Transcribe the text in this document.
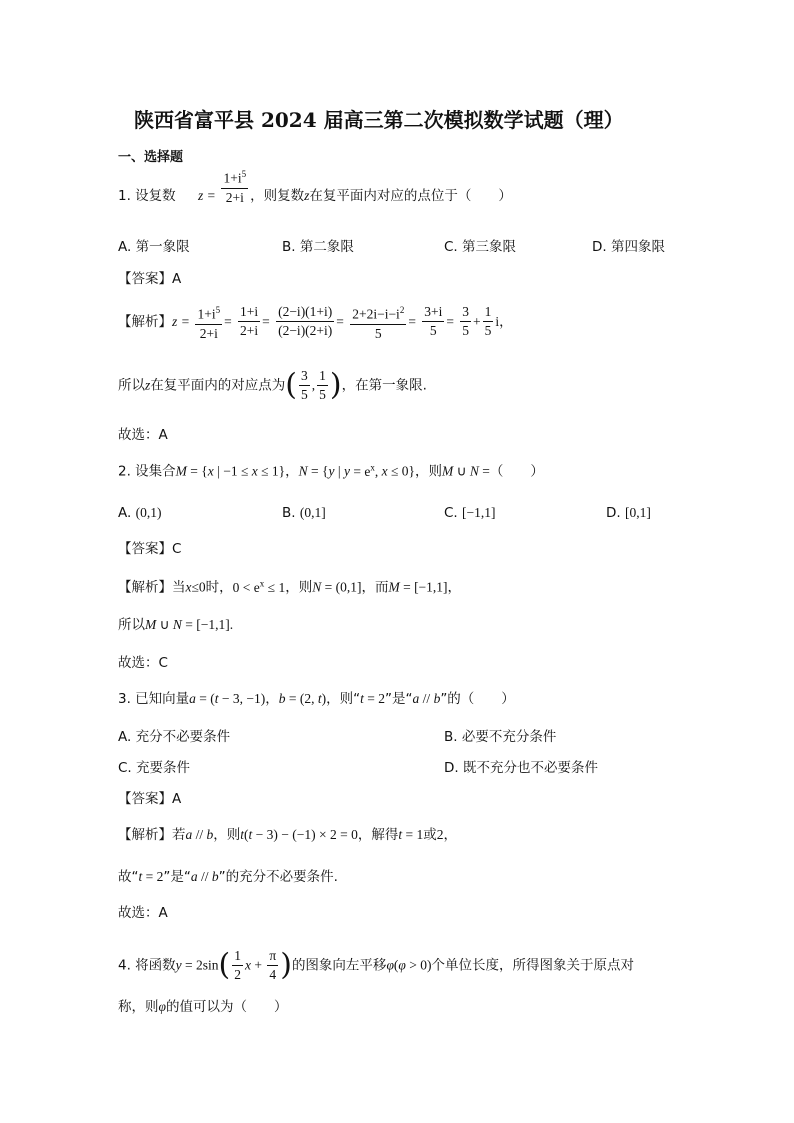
陕西省富平县 2024 届高三第二次模拟数学试题（理）
一、选择题
1. 设复数 $z = \frac{1+i^5}{2+i}$ ，则复数z在复平面内对应的点位于（　　）
A. 第一象限	B. 第二象限	C. 第三象限	D. 第四象限
【答案】A
【解析】$z = \frac{1+i^5}{2+i} = \frac{1+i}{2+i} = \frac{(2-i)(1+i)}{(2-i)(2+i)} = \frac{2+2i-i-i^2}{5} = \frac{3+i}{5} = \frac{3}{5} + \frac{1}{5}$ i，
所以z在复平面内的对应点为( $\frac{3}{5}$ , $\frac{1}{5}$ )，在第一象限.
故选：A
2. 设集合M = {x | −1 ≤ x ≤ 1}，N = {y | $y = e^x$, x ≤ 0}，则M ∪ N =（　　）
A. (0,1)	B. (0,1]	C. [−1,1]	D. [0,1]
【答案】C
【解析】当x≤0时，$0 < e^x \le 1$，则N = (0,1]，而M = [−1,1]，
所以M ∪ N = [−1,1].
故选：C
3. 已知向量a = (t − 3, −1)，b = (2, t)，则“t = 2”是“a // b”的（　　）
A. 充分不必要条件	B. 必要不充分条件
C. 充要条件	D. 既不充分也不必要条件
【答案】A
【解析】若a // b，则t(t − 3) − (−1) × 2 = 0，解得t = 1或2，
故“t = 2”是“a // b”的充分不必要条件.
故选：A
4. 将函数$y = 2\sin( \frac{1}{2}$ $x + \frac{\pi}{4}$ )的图象向左平移φ(φ > 0)个单位长度，所得图象关于原点对
称，则φ的值可以为（　　）
